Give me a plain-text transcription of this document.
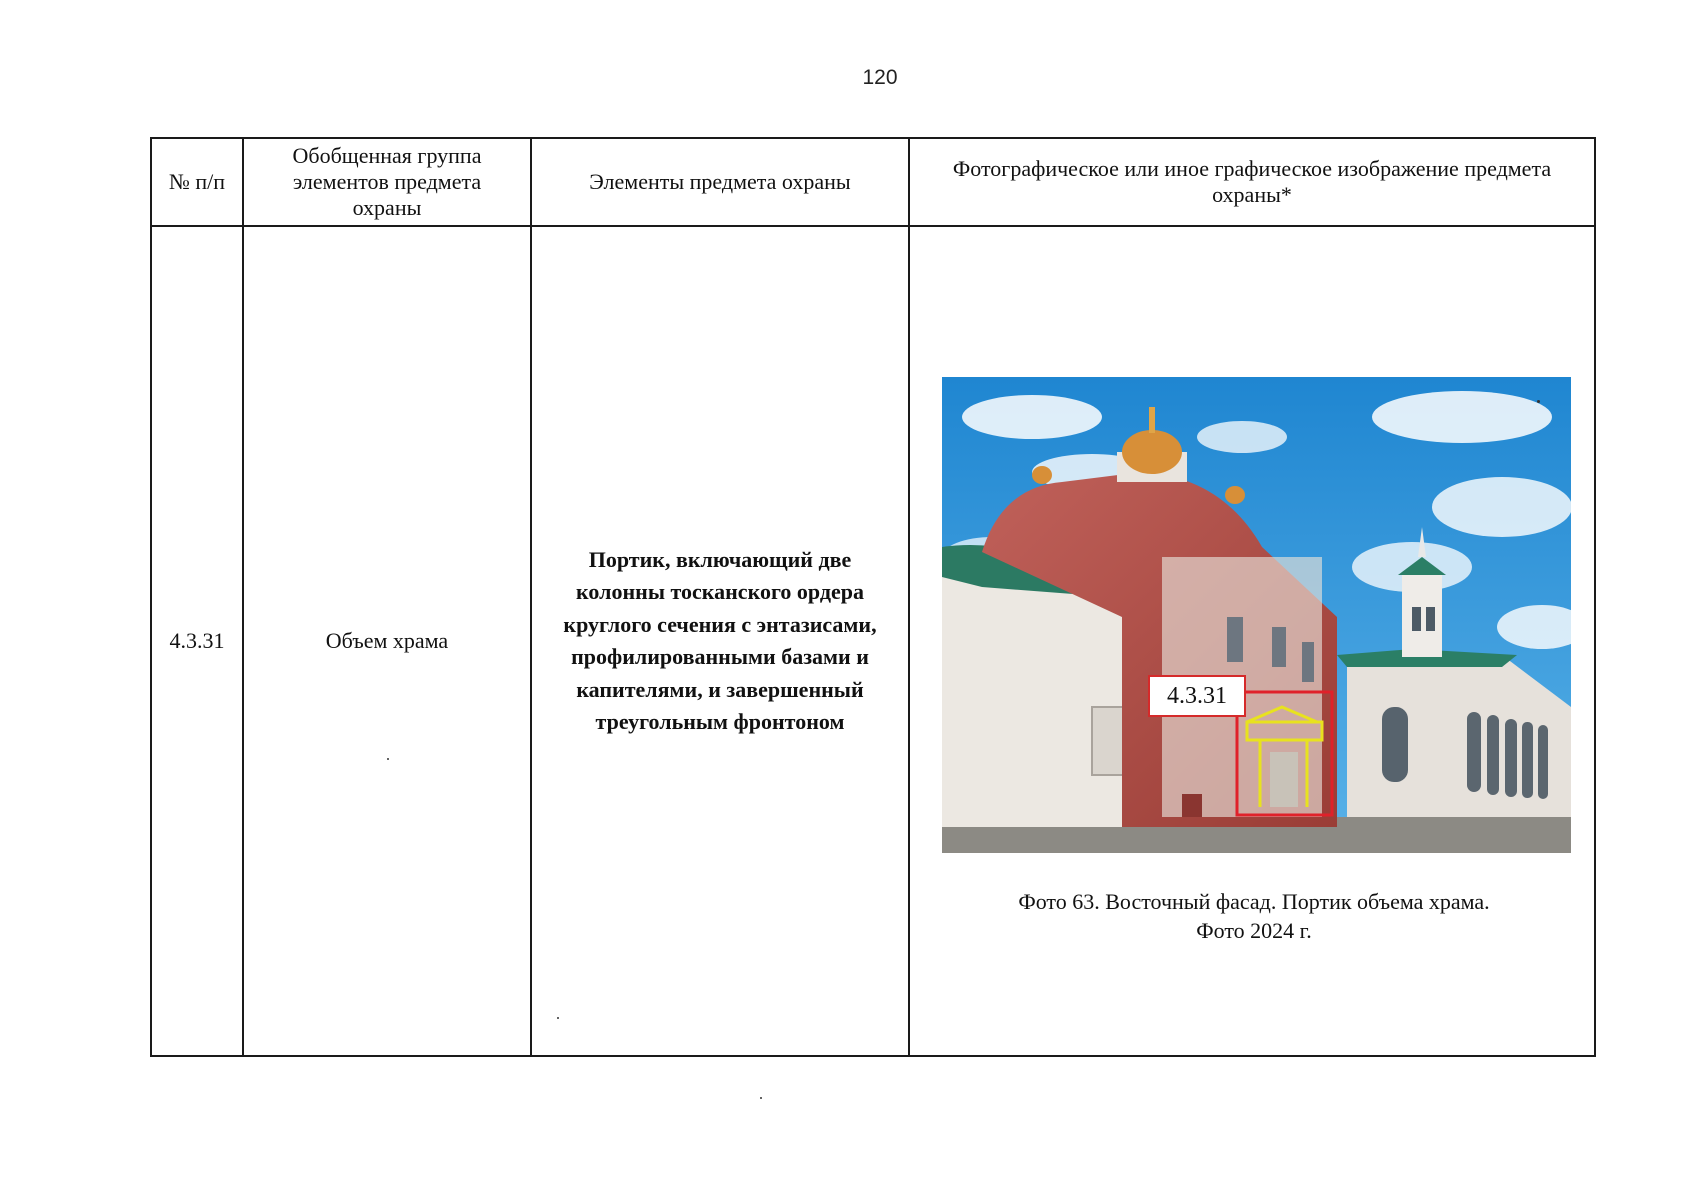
120
№ п/п	Обобщенная группа элементов предмета охраны	Элементы предмета охраны	Фотографическое или иное графическое изображение предмета охраны*

4.3.31	Объем храма	Портик, включающий две колонны тосканского ордера круглого сечения с энтазисами, профилированными базами и капителями, и завершенный треугольным фронтоном	4.3.31
Фото 63. Восточный фасад. Портик объема храма.
Фото 2024 г.
